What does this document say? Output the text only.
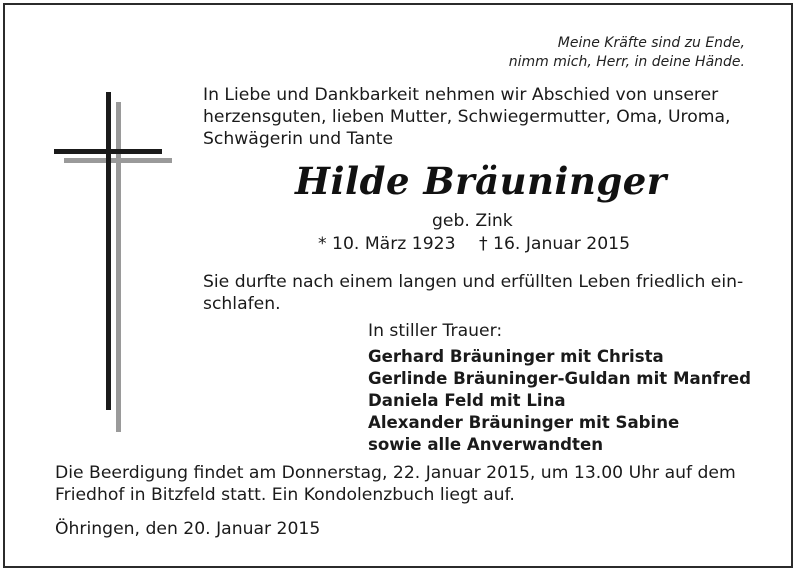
Meine Kräfte sind zu Ende,
nimm mich, Herr, in deine Hände.
In Liebe und Dankbarkeit nehmen wir Abschied von unserer
herzensguten, lieben Mutter, Schwiegermutter, Oma, Uroma,
Schwägerin und Tante
Hilde Bräuninger
geb. Zink
* 10. März 1923 † 16. Januar 2015
Sie durfte nach einem langen und erfüllten Leben friedlich ein-
schlafen.
In stiller Trauer:
Gerhard Bräuninger mit Christa
Gerlinde Bräuninger-Guldan mit Manfred
Daniela Feld mit Lina
Alexander Bräuninger mit Sabine
sowie alle Anverwandten
Die Beerdigung findet am Donnerstag, 22. Januar 2015, um 13.00 Uhr auf dem
Friedhof in Bitzfeld statt. Ein Kondolenzbuch liegt auf.
Öhringen, den 20. Januar 2015
